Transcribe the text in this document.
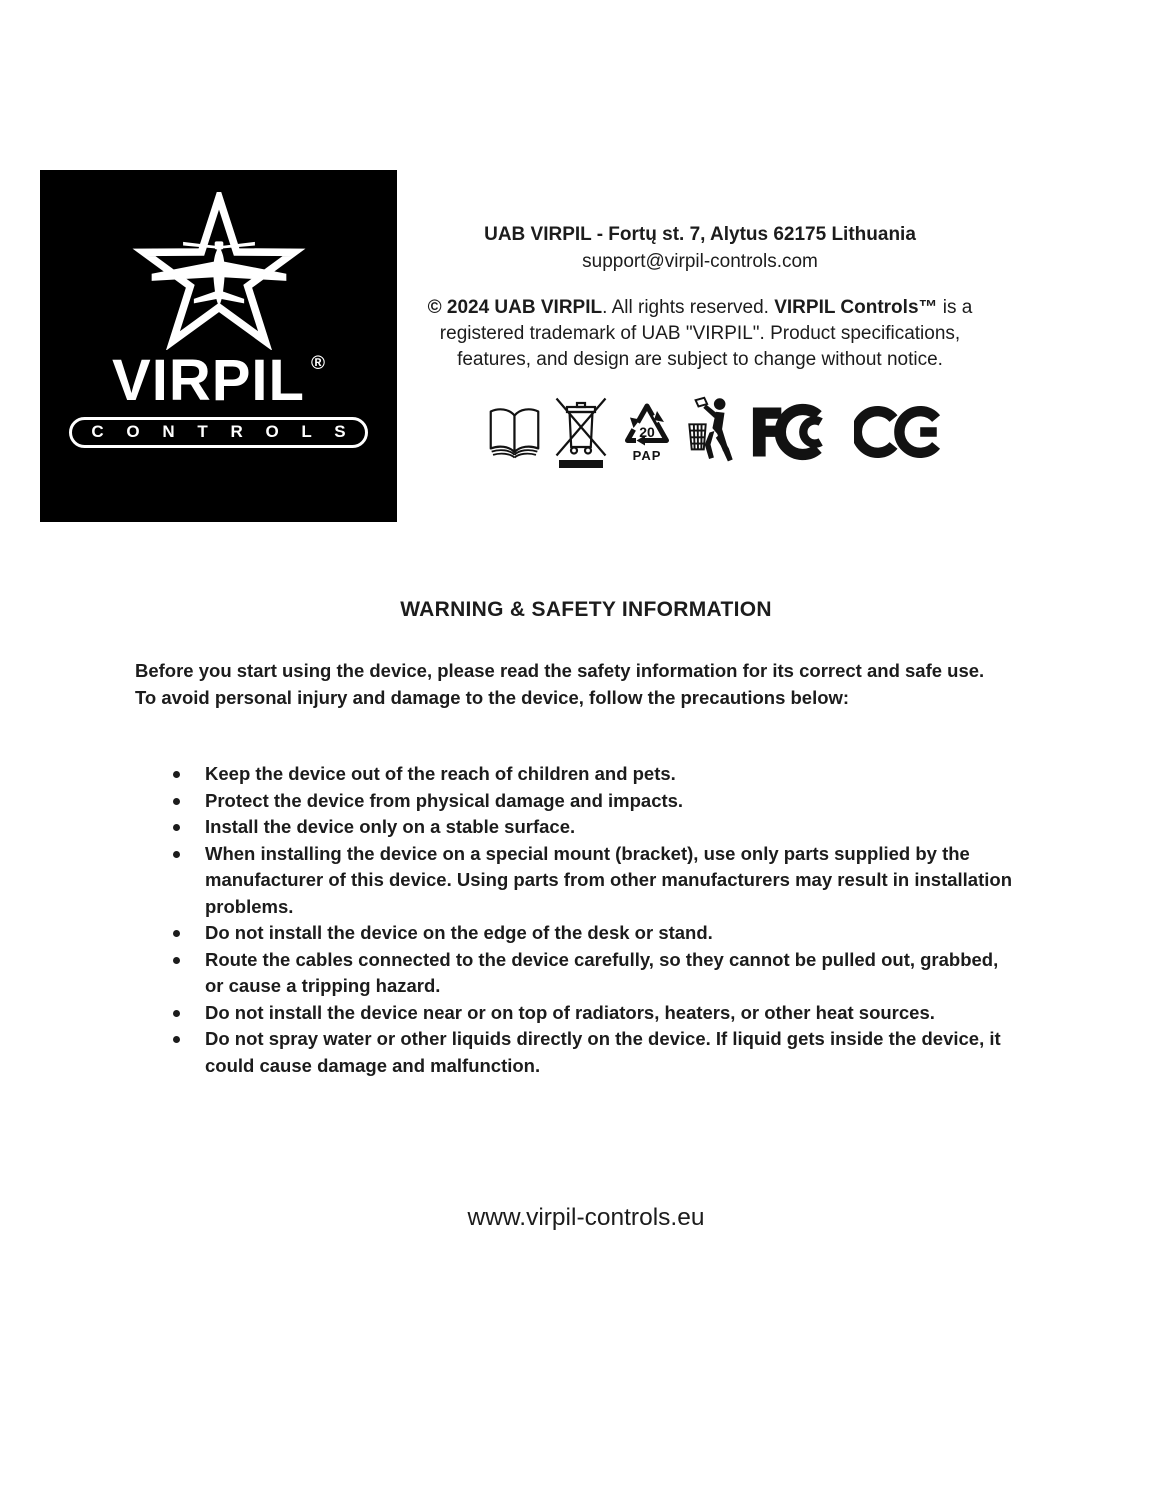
VIRPIL ®
C O N T R O L S
UAB VIRPIL - Fortų st. 7, Alytus 62175 Lithuania
support@virpil-controls.com
© 2024 UAB VIRPIL. All rights reserved. VIRPIL Controls™ is a registered trademark of UAB "VIRPIL". Product specifications, features, and design are subject to change without notice.
20
PAP
WARNING & SAFETY INFORMATION
Before you start using the device, please read the safety information for its correct and safe use.
To avoid personal injury and damage to the device, follow the precautions below:
Keep the device out of the reach of children and pets.
Protect the device from physical damage and impacts.
Install the device only on a stable surface.
When installing the device on a special mount (bracket), use only parts supplied by the manufacturer of this device. Using parts from other manufacturers may result in installation problems.
Do not install the device on the edge of the desk or stand.
Route the cables connected to the device carefully, so they cannot be pulled out, grabbed, or cause a tripping hazard.
Do not install the device near or on top of radiators, heaters, or other heat sources.
Do not spray water or other liquids directly on the device. If liquid gets inside the device, it could cause damage and malfunction.
www.virpil-controls.eu
